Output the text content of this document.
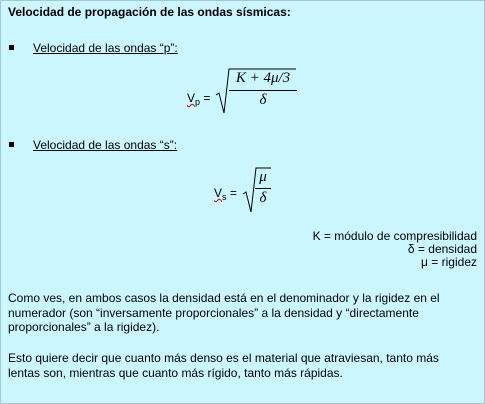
Velocidad de propagación de las ondas sísmicas:
Velocidad de las ondas “p”:
$V_p$ =
K + 4μ/3
δ
Velocidad de las ondas “s”:
$V_s$ =
μ
δ
K = módulo de compresibilidad
δ = densidad
μ = rigidez
Como ves, en ambos casos la densidad está en el denominador y la rigidez en el numerador (son “inversamente proporcionales” a la densidad y “directamente proporcionales” a la rigidez).
Esto quiere decir que cuanto más denso es el material que atraviesan, tanto más lentas son, mientras que cuanto más rígido, tanto más rápidas.
